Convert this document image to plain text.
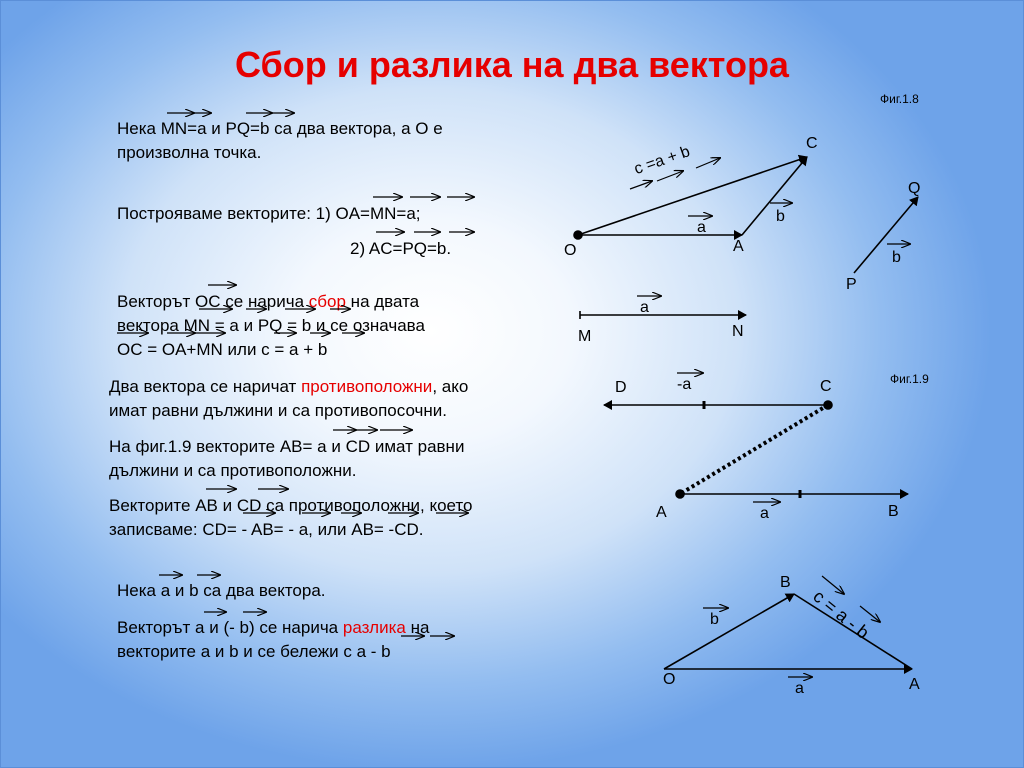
Сбор и разлика на два вектора
Фиг.1.8
Фиг.1.9
Нека MN=a и PQ=b са два вектора, а O е
произволна точка.
Построяваме векторите: 1) OA=MN=a;
2) AC=PQ=b.
Векторът OC се нарича сбор на двата
вектора MN = a и PQ = b и се означава
OC = OA+MN или c = a + b
Два вектора се наричат противоположни, ако
имат равни дължини и са противопосочни.
На фиг.1.9 векторите AB= a и CD имат равни
дължини и са противоположни.
Векторите AB и CD са противоположни, което
записваме: CD= - AB= - a, или AB= -CD.
Нека a и b са два вектора.
Векторът a и (- b) се нарича разлика на
векторите a и b и се бележи с a - b
C
O	A
a
b
c =a + b
Q
P
b
a
M	N
D	-a	C
A	a	B
B
b	c = a - b
O
a	A
